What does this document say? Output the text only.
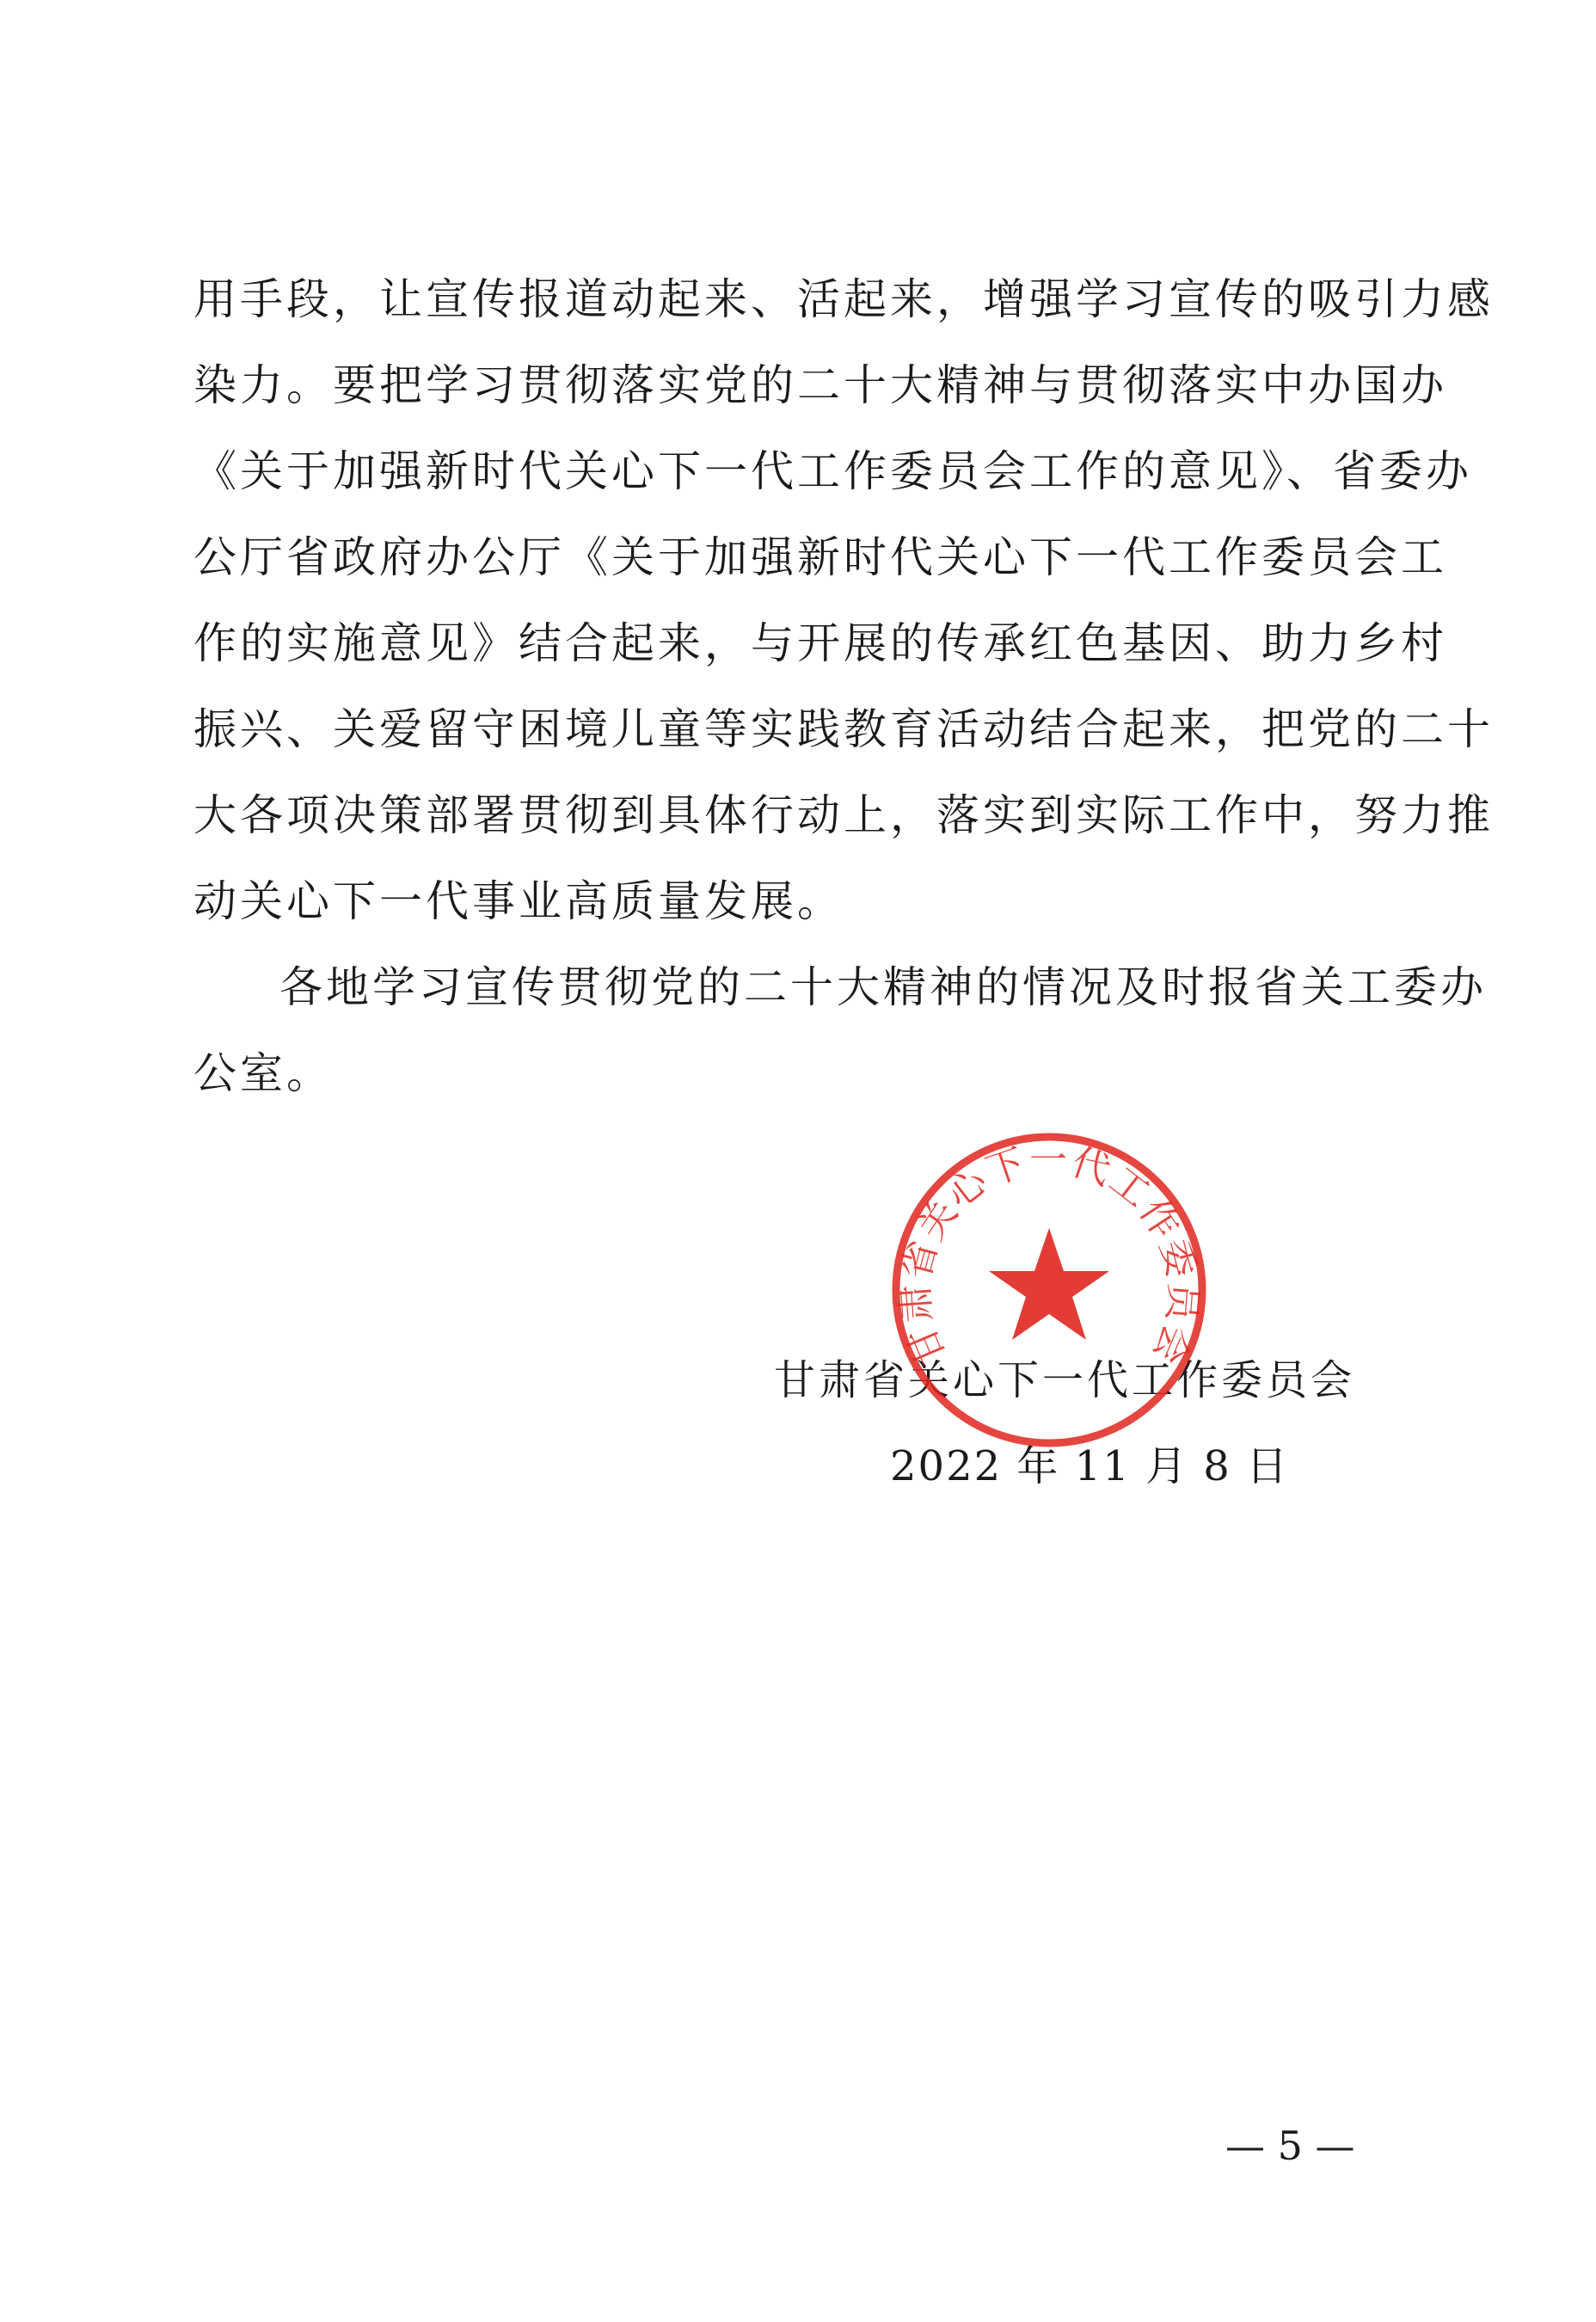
用手段，让宣传报道动起来、活起来，增强学习宣传的吸引力感
染力。要把学习贯彻落实党的二十大精神与贯彻落实中办国办
《关于加强新时代关心下一代工作委员会工作的意见》、省委办
公厅省政府办公厅《关于加强新时代关心下一代工作委员会工
作的实施意见》结合起来，与开展的传承红色基因、助力乡村
振兴、关爱留守困境儿童等实践教育活动结合起来，把党的二十
大各项决策部署贯彻到具体行动上，落实到实际工作中，努力推
动关心下一代事业高质量发展。
各地学习宣传贯彻党的二十大精神的情况及时报省关工委办
公室。
甘肃省关心下一代工作委员会
2022 年 11 月 8 日
甘肃省关心下一代工作委员会
— 5 —
